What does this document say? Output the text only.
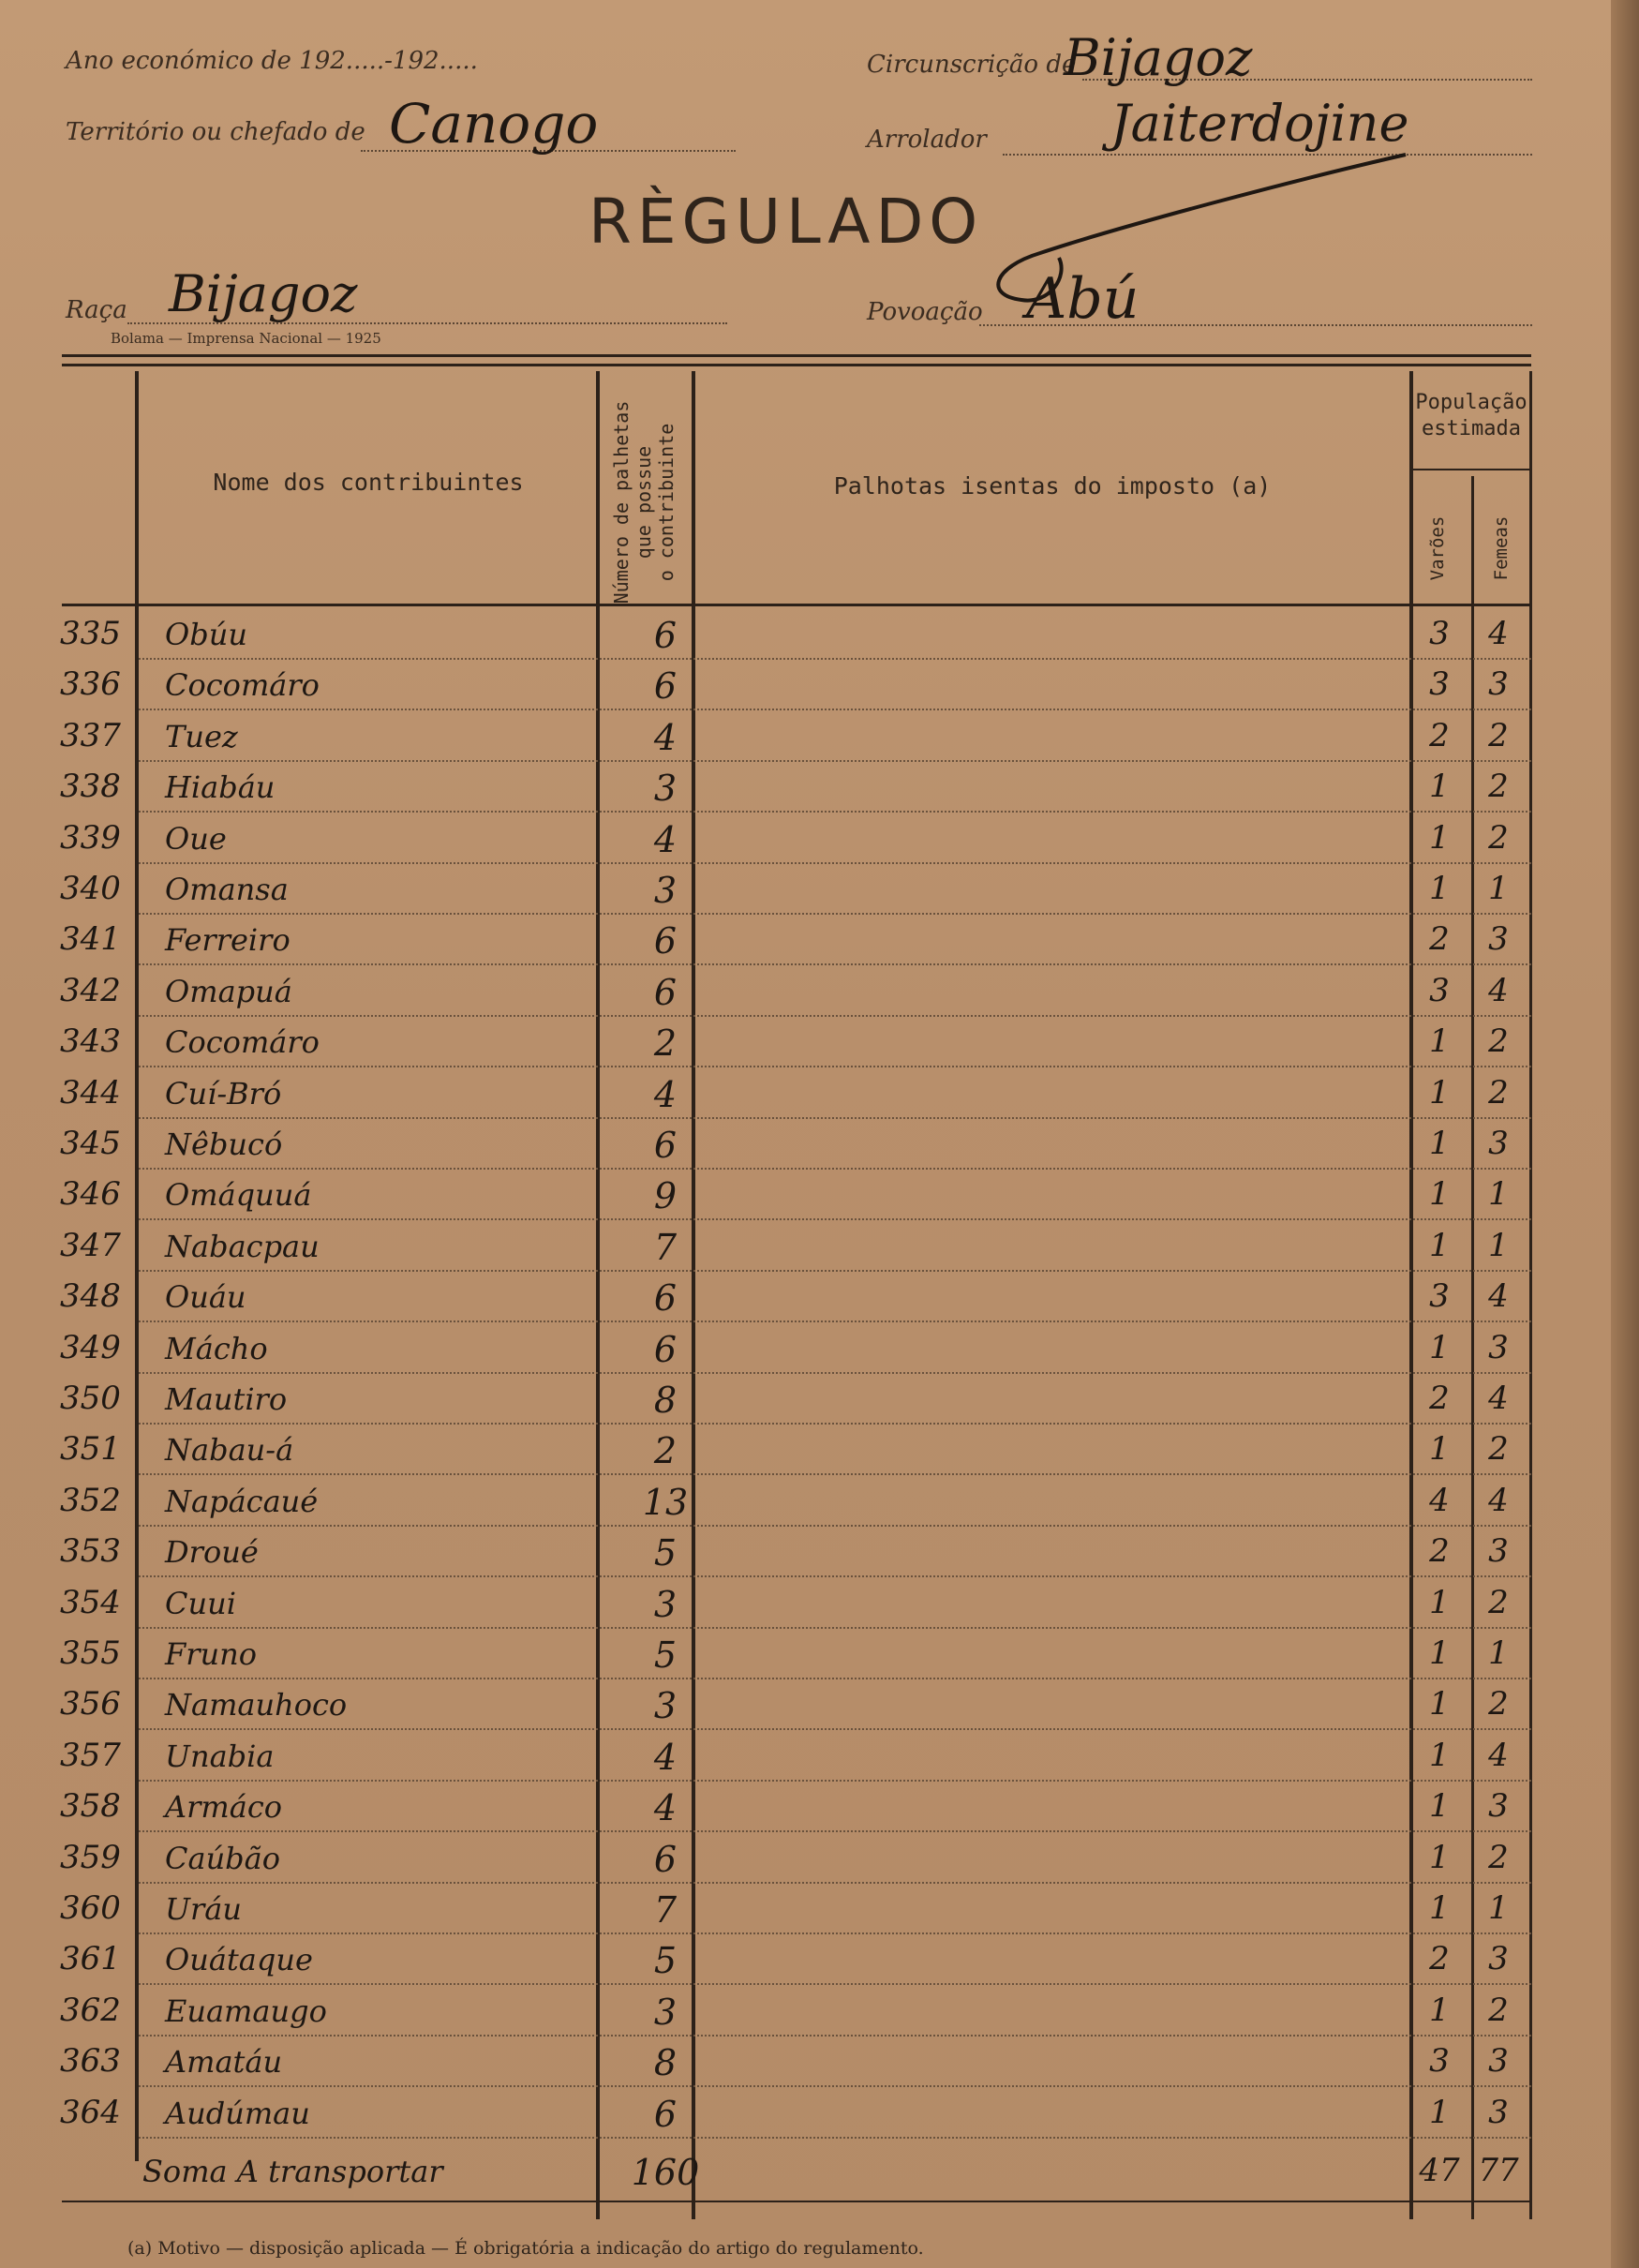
Ano económico de 192.....-192.....	Circunscrição de
Bijagoz
Território ou chefado de Canogo	Arrolador Jaiterdojine
RÈGULADO
Raça Bijagoz	Povoação Abú
Bolama — Imprensa Nacional — 1925
Nome dos contribuintes	Número de palhetas que possue o contribuinte	Palhotas isentas do imposto (a)
População
estimada
Varões Femeas
335	Obúu	6	3	4
336	Cocomáro	6	3	3
337	Tuez	4	2	2
338	Hiabáu	3	1	2
339	Oue	4	1	2
340	Omansa	3	1	1
341	Ferreiro	6	2	3
342	Omapuá	6	3	4
343	Cocomáro	2	1	2
344	Cuí-Bró	4	1	2
345	Nêbucó	6	1	3
346	Omáquuá	9	1	1
347	Nabacpau	7	1	1
348	Ouáu	6	3	4
349	Mácho	6	1	3
350	Mautiro	8	2	4
351	Nabau-á	2	1	2
352	Napácaué	13	4	4
353	Droué	5	2	3
354	Cuui	3	1	2
355	Fruno	5	1	1
356	Namauhoco	3	1	2
357	Unabia	4	1	4
358	Armáco	4	1	3
359	Caúbão	6	1	2
360	Uráu	7	1	1
361	Ouátaque	5	2	3
362	Euamaugo	3	1	2
363	Amatáu	8	3	3
364	Audúmau	6	1	3
Soma A transportar	160	47 77
(a) Motivo — disposição aplicada — É obrigatória a indicação do artigo do regulamento.
